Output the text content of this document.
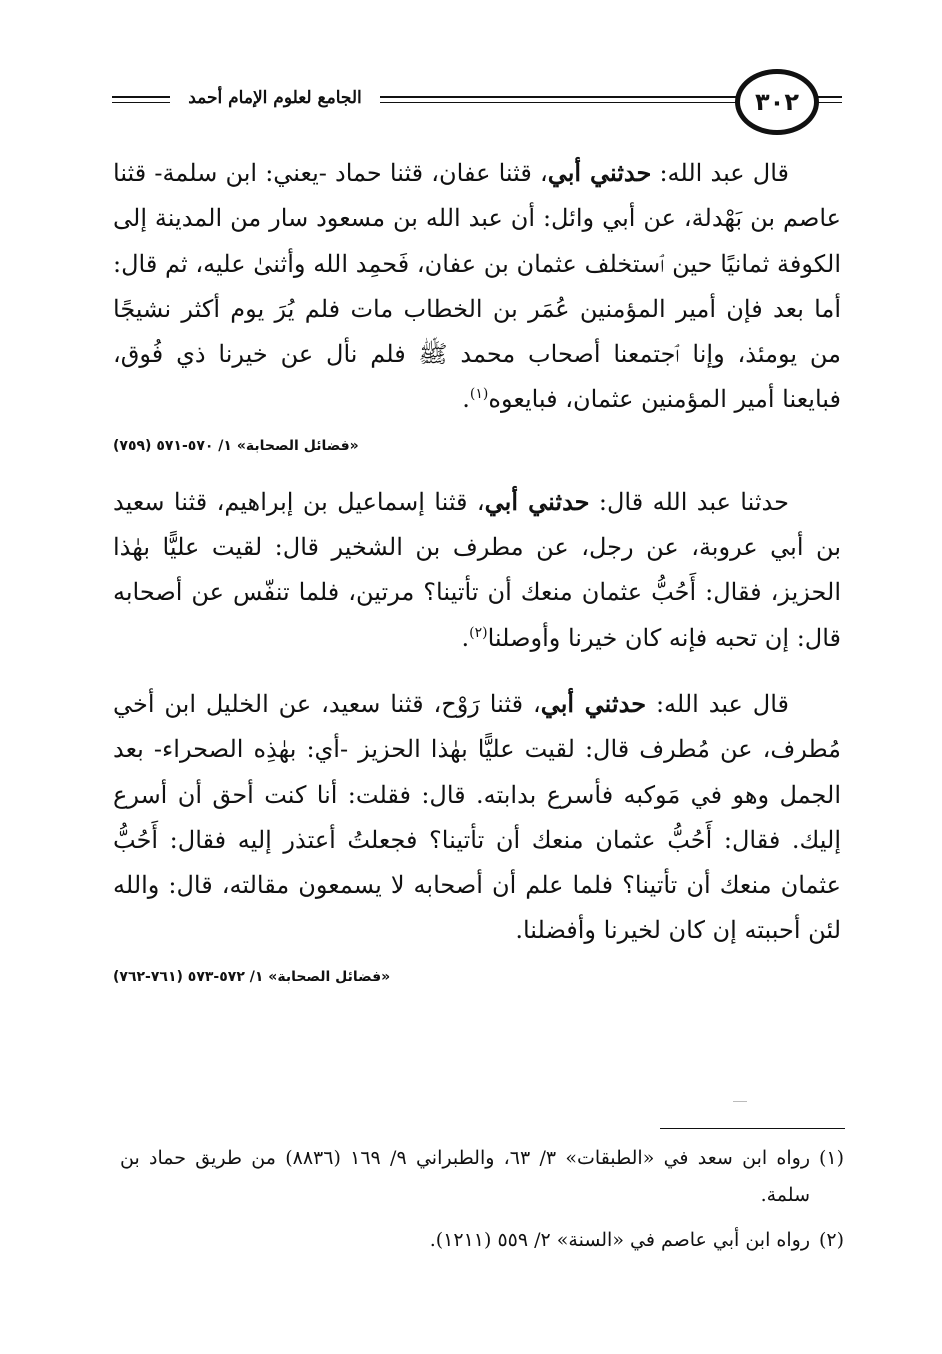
الجامع لعلوم الإمام أحمد	٣٠٢

قال عبد الله: حدثني أبي، قثنا عفان، قثنا حماد -يعني: ابن سلمة- قثنا عاصم بن بَهْدلة، عن أبي وائل: أن عبد الله بن مسعود سار من المدينة إلى الكوفة ثمانيًا حين ٱستخلف عثمان بن عفان، فَحمِد الله وأثنىٰ عليه، ثم قال: أما بعد فإن أمير المؤمنين عُمَر بن الخطاب مات فلم يُرَ يوم أكثر نشيجًا من يومئذ، وإنا ٱجتمعنا أصحاب محمد ﷺ فلم نأل عن خيرنا ذي فُوق، فبايعنا أمير المؤمنين عثمان، فبايعوه$^{(١)}$.

«فضائل الصحابة» ١/ ٥٧٠-٥٧١ (٧٥٩)

حدثنا عبد الله قال: حدثني أبي، قثنا إسماعيل بن إبراهيم، قثنا سعيد بن أبي عروبة، عن رجل، عن مطرف بن الشخير قال: لقيت عليًّا بهٰذا الحزيز، فقال: أَحُبُّ عثمان منعك أن تأتينا؟ مرتين، فلما تنفّس عن أصحابه قال: إن تحبه فإنه كان خيرنا وأوصلنا$^{(٢)}$.

قال عبد الله: حدثني أبي، قثنا رَوْح، قثنا سعيد، عن الخليل ابن أخي مُطرف، عن مُطرف قال: لقيت عليًّا بهٰذا الحزيز -أي: بهٰذِه الصحراء- بعد الجمل وهو في مَوكبه فأسرع بدابته. قال: فقلت: أنا كنت أحق أن أسرع إليك. فقال: أَحُبُّ عثمان منعك أن تأتينا؟ فجعلتُ أعتذر إليه فقال: أَحُبُّ عثمان منعك أن تأتينا؟ فلما علم أن أصحابه لا يسمعون مقالته، قال: والله لئن أحببته إن كان لخيرنا وأفضلنا.

«فضائل الصحابة» ١/ ٥٧٢-٥٧٣ (٧٦١-٧٦٢)
(١)
رواه ابن سعد في «الطبقات» ٣/ ٦٣، والطبراني ٩/ ١٦٩ (٨٨٣٦) من طريق حماد بن سلمة.
(٢)
رواه ابن أبي عاصم في «السنة» ٢/ ٥٥٩ (١٢١١).
